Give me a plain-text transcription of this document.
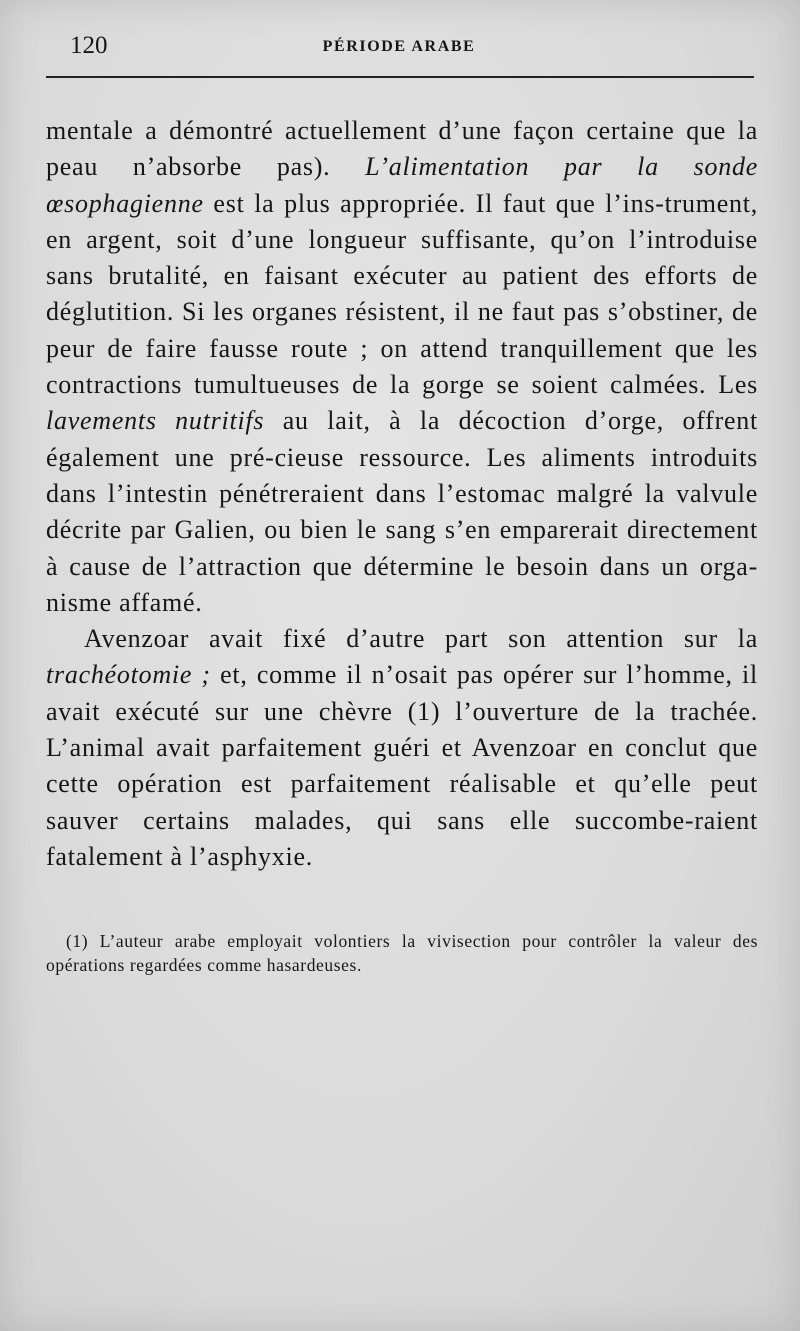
120	PÉRIODE ARABE

mentale a démontré actuellement d’une façon certaine que la peau n’absorbe pas). L’alimentation par la sonde œsophagienne est la plus appropriée. Il faut que l’ins-trument, en argent, soit d’une longueur suffisante, qu’on l’introduise sans brutalité, en faisant exécuter au patient des efforts de déglutition. Si les organes résistent, il ne faut pas s’obstiner, de peur de faire fausse route ; on attend tranquillement que les contractions tumultueuses de la gorge se soient calmées. Les lavements nutritifs au lait, à la décoction d’orge, offrent également une pré-cieuse ressource. Les aliments introduits dans l’intestin pénétreraient dans l’estomac malgré la valvule décrite par Galien, ou bien le sang s’en emparerait directement à cause de l’attraction que détermine le besoin dans un orga-nisme affamé.

Avenzoar avait fixé d’autre part son attention sur la trachéotomie ; et, comme il n’osait pas opérer sur l’homme, il avait exécuté sur une chèvre (1) l’ouverture de la trachée. L’animal avait parfaitement guéri et Avenzoar en conclut que cette opération est parfaitement réalisable et qu’elle peut sauver certains malades, qui sans elle succombe-raient fatalement à l’asphyxie.

(1) L’auteur arabe employait volontiers la vivisection pour contrôler la valeur des opérations regardées comme hasardeuses.
